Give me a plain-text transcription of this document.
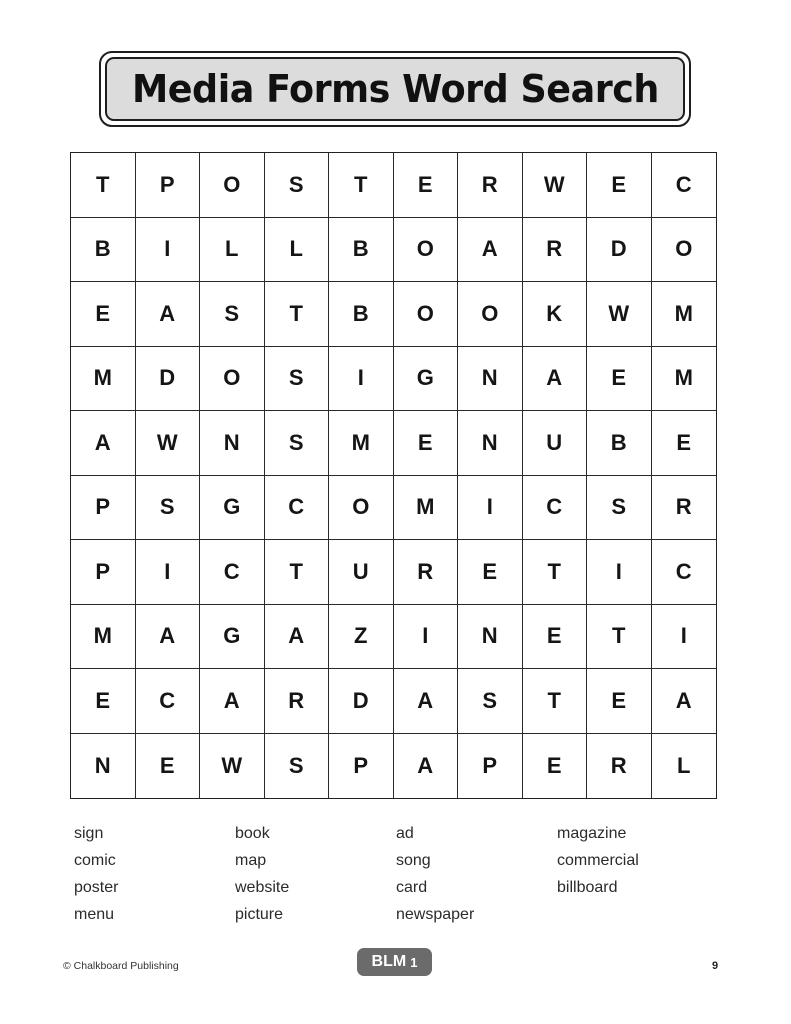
Media Forms Word Search
T	P	O	S	T	E	R	W	E	C
B	I	L	L	B	O	A	R	D	O
E	A	S	T	B	O	O	K	W	M
M	D	O	S	I	G	N	A	E	M
A	W	N	S	M	E	N	U	B	E
P	S	G	C	O	M	I	C	S	R
P	I	C	T	U	R	E	T	I	C
M	A	G	A	Z	I	N	E	T	I
E	C	A	R	D	A	S	T	E	A
N	E	W	S	P	A	P	E	R	L
sign
comic
poster
menu
book
map
website
picture
ad
song
card
newspaper
magazine
commercial
billboard
© Chalkboard Publishing	BLM 1	9
